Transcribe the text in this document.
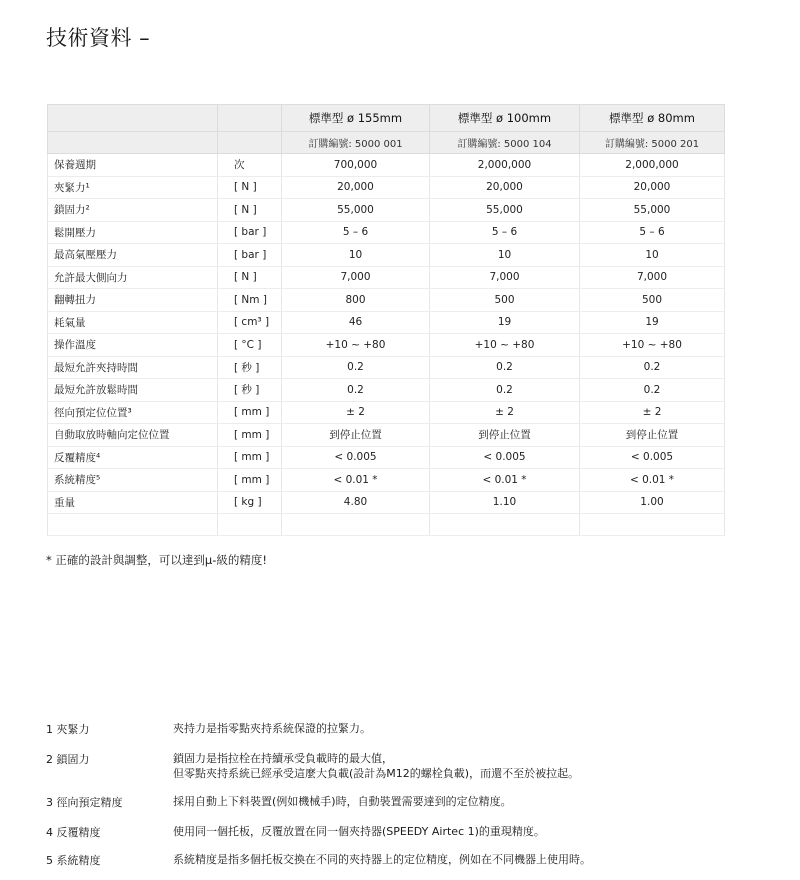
技術資料 –
		標準型 ø 155mm	標準型 ø 100mm	標準型 ø 80mm
		訂購編號: 5000 001	訂購編號: 5000 104	訂購編號: 5000 201
保養週期	次	700,000	2,000,000	2,000,000
夾緊力¹	[ N ]	20,000	20,000	20,000
鎖固力²	[ N ]	55,000	55,000	55,000
鬆開壓力	[ bar ]	5 – 6	5 – 6	5 – 6
最高氣壓壓力	[ bar ]	10	10	10
允許最大側向力	[ N ]	7,000	7,000	7,000
翻轉扭力	[ Nm ]	800	500	500
耗氣量	[ cm³ ]	46	19	19
操作溫度	[ °C ]	+10 ~ +80	+10 ~ +80	+10 ~ +80
最短允許夾持時間	[ 秒 ]	0.2	0.2	0.2
最短允許放鬆時間	[ 秒 ]	0.2	0.2	0.2
徑向預定位位置³	[ mm ]	± 2	± 2	± 2
自動取放時軸向定位位置	[ mm ]	到停止位置	到停止位置	到停止位置
反覆精度⁴	[ mm ]	< 0.005	< 0.005	< 0.005
系統精度⁵	[ mm ]	< 0.01 *	< 0.01 *	< 0.01 *
重量	[ kg ]	4.80	1.10	1.00

* 正確的設計與調整，可以達到μ-級的精度!
1 夾緊力	夾持力是指零點夾持系統保證的拉緊力。
2 鎖固力	鎖固力是指拉栓在持續承受負載時的最大值，
但零點夾持系統已經承受這麼大負載(設計為M12的螺栓負載)，而還不至於被拉起。
3 徑向預定精度	採用自動上下料裝置(例如機械手)時，自動裝置需要達到的定位精度。
4 反覆精度	使用同一個托板，反覆放置在同一個夾持器(SPEEDY Airtec 1)的重現精度。
5 系統精度	系統精度是指多個托板交換在不同的夾持器上的定位精度，例如在不同機器上使用時。
